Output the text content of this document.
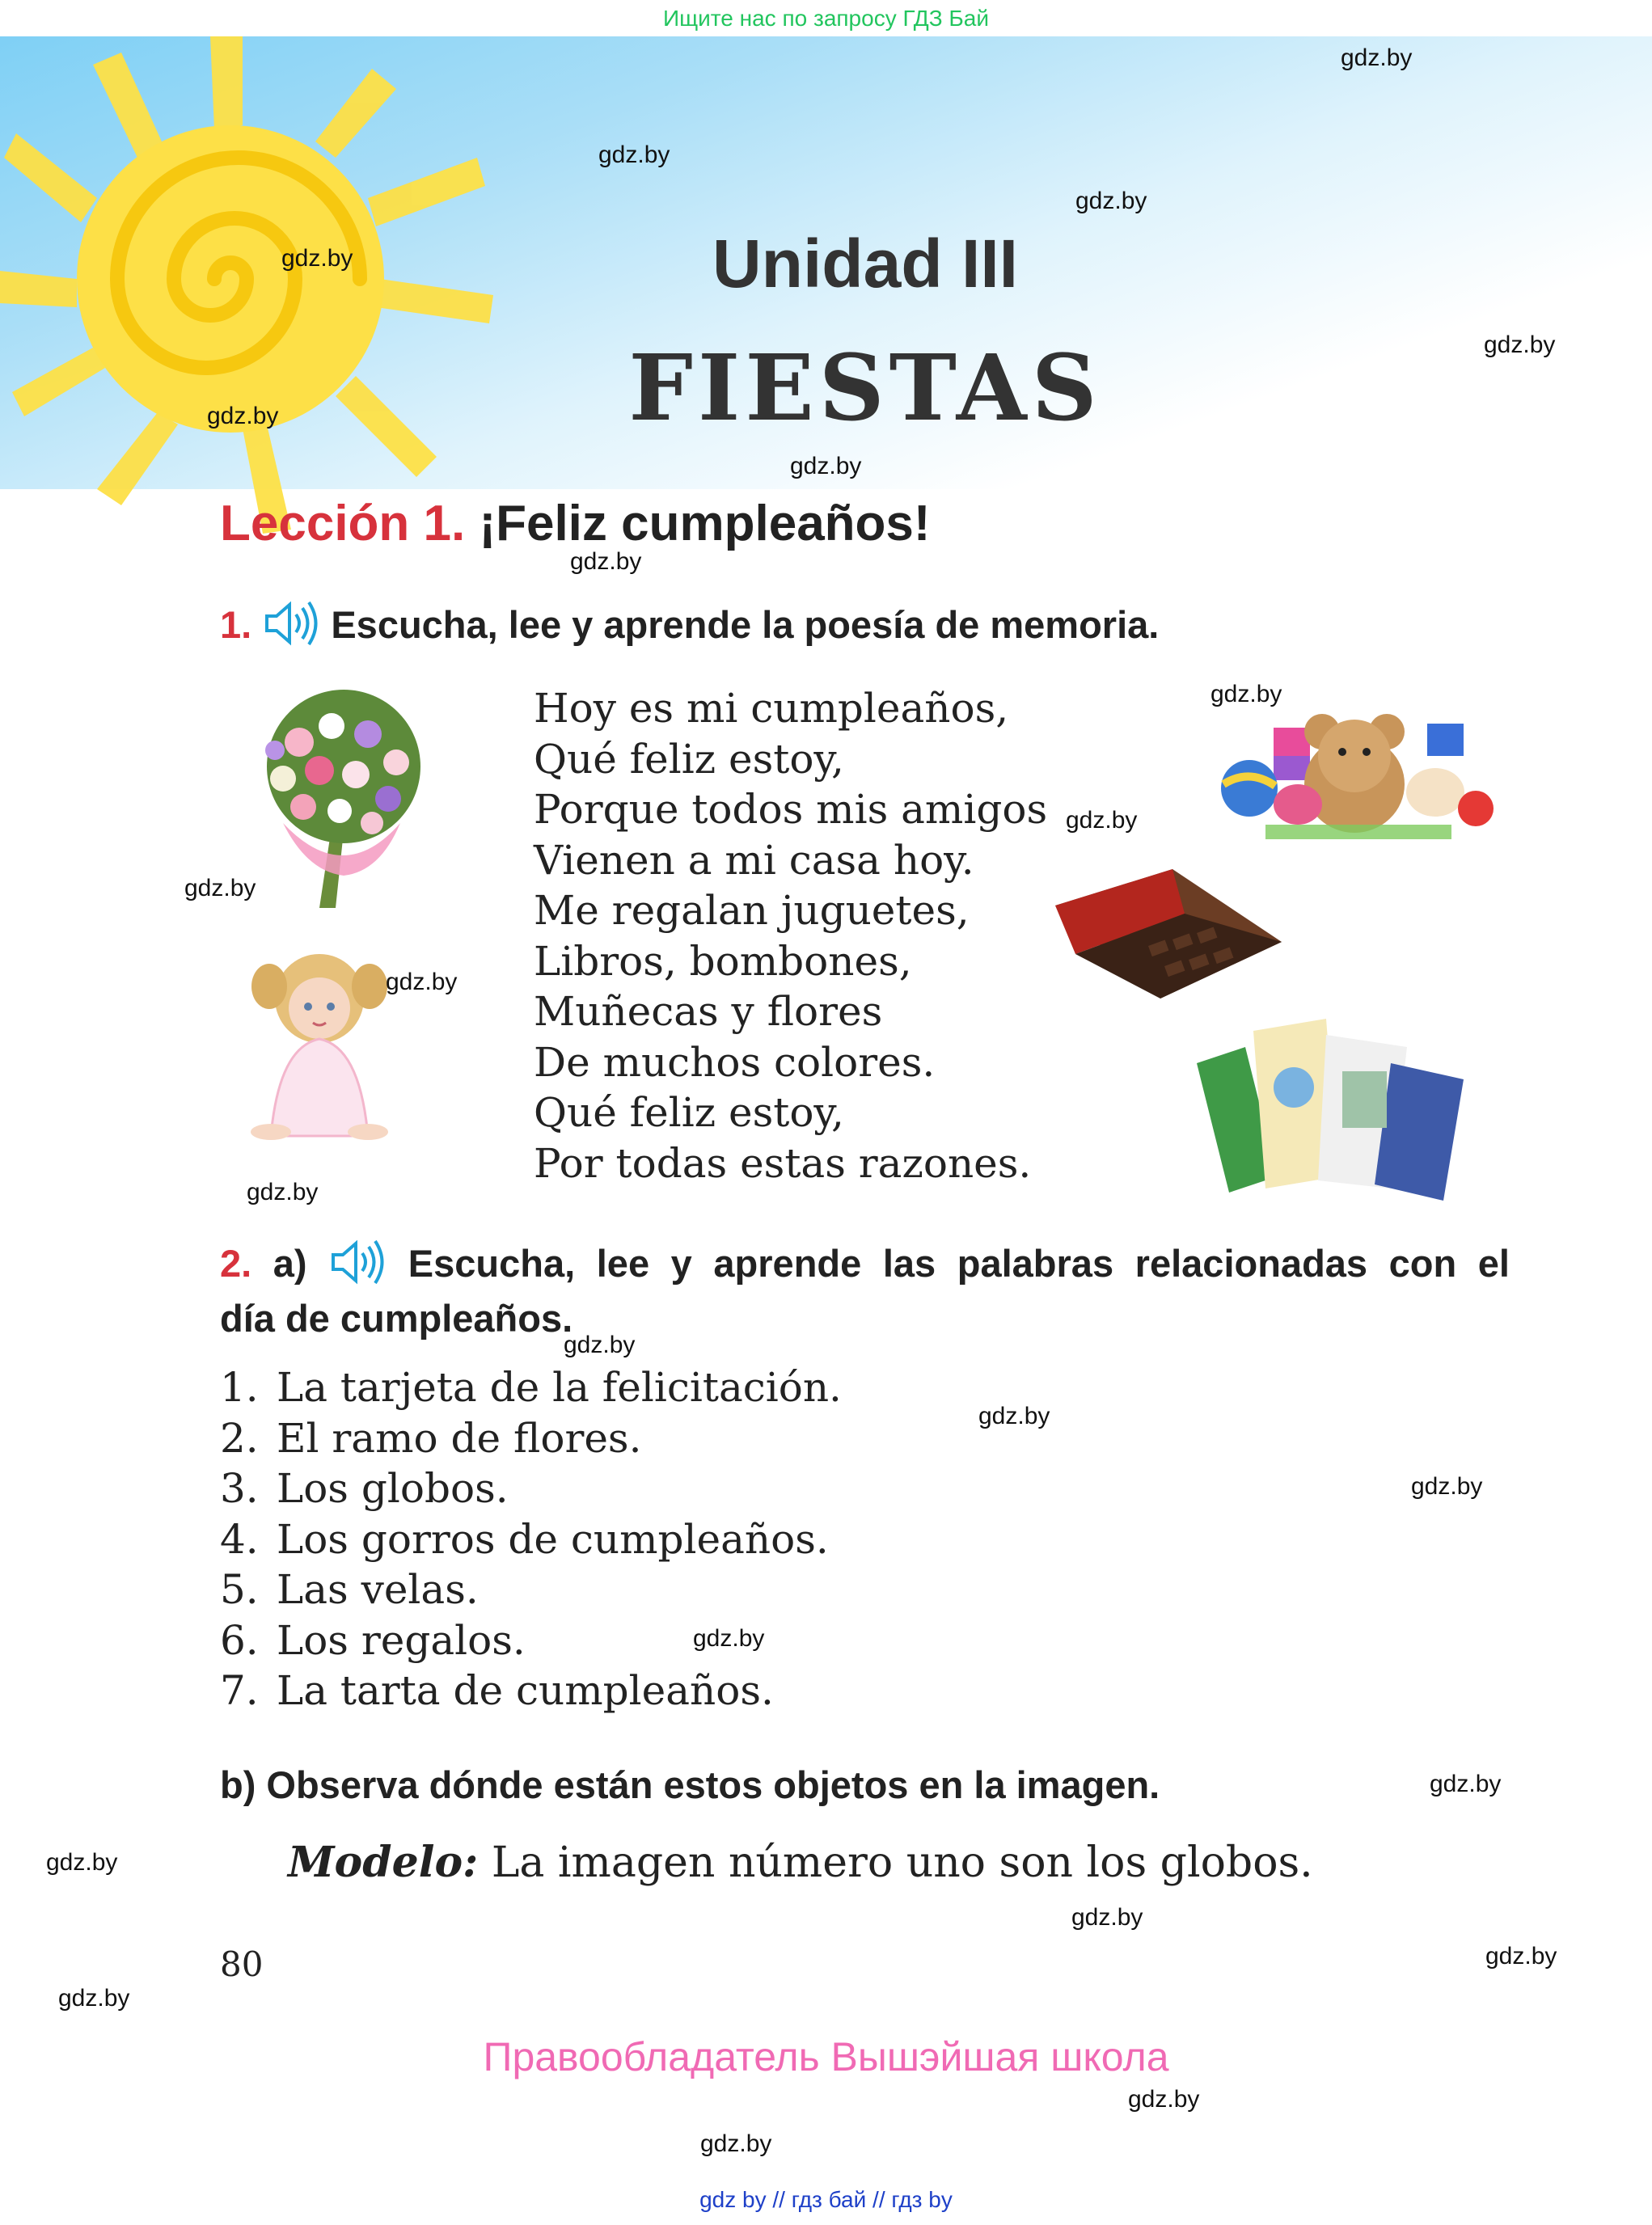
Ищите нас по запросу ГДЗ Бай
Unidad III
FIESTAS
Lección 1. ¡Feliz cumpleaños!
1. Escucha, lee y aprende la poesía de memoria.
Hoy es mi cumpleaños,
Qué feliz estoy,
Porque todos mis amigos
Vienen a mi casa hoy.
Me regalan juguetes,
Libros, bombones,
Muñecas y flores
De muchos colores.
Qué feliz estoy,
Por todas estas razones.
2. a)	Escucha, lee y aprende las palabras relacionadas con el
día de cumpleaños.
1. La tarjeta de la felicitación.
2. El ramo de flores.
3. Los globos.
4. Los gorros de cumpleaños.
5. Las velas.
6. Los regalos.
7. La tarta de cumpleaños.
b) Observa dónde están estos objetos en la imagen.
Modelo: La imagen número uno son los globos.
80
Правообладатель Вышэйшая школа
gdz by // гдз бай // гдз by
gdz.by
gdz.by
gdz.by
gdz.by
gdz.by
gdz.by
gdz.by
gdz.by
gdz.by
gdz.by
gdz.by
gdz.by
gdz.by
gdz.by
gdz.by
gdz.by
gdz.by
gdz.by
gdz.by
gdz.by
gdz.by
gdz.by
gdz.by
gdz.by
